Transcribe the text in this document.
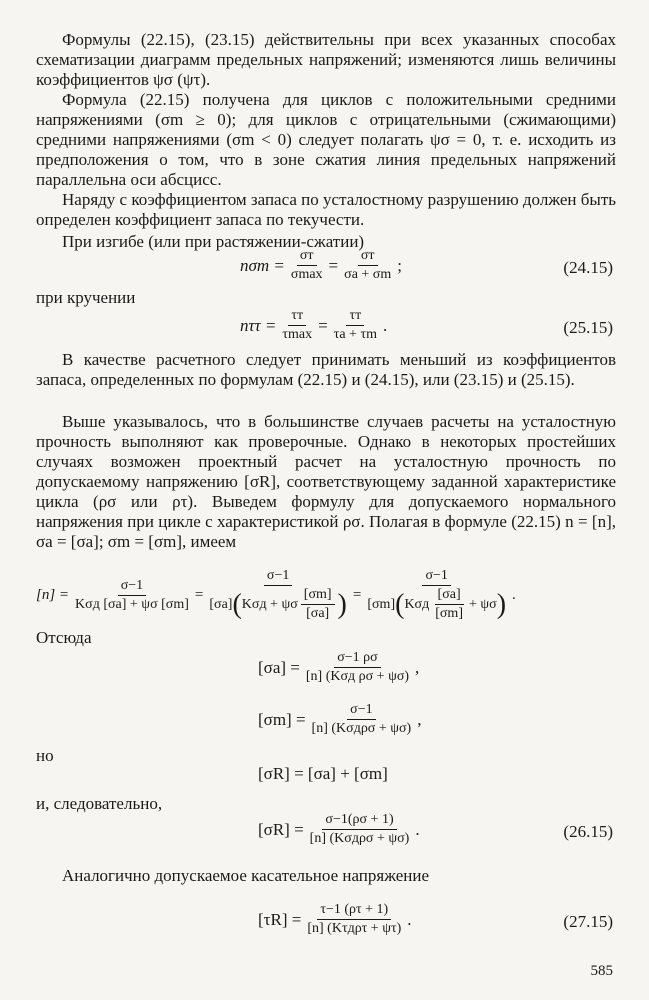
Формулы (22.15), (23.15) действительны при всех указанных способах схематизации диаграмм предельных напряжений; изменяются лишь величины коэффициентов ψσ (ψτ).
Формула (22.15) получена для циклов с положительными средними напряжениями (σm ≥ 0); для циклов с отрицательными (сжимающими) средними напряжениями (σm < 0) следует полагать ψσ = 0, т. е. исходить из предположения о том, что в зоне сжатия линия предельных напряжений параллельна оси абсцисс.
Наряду с коэффициентом запаса по усталостному разрушению должен быть определен коэффициент запаса по текучести.
При изгибе (или при растяжении-сжатии)
$n\sigma т = \frac{\sigma т}{\sigma\max} = \frac{\sigma т}{\sigma a + \sigma m}$ ;	(24.15)
при кручении
$n\tau\tau = \frac{\tau т}{\tau\max} = \frac{\tau т}{\tau a + \tau m}$ .	(25.15)
В качестве расчетного следует принимать меньший из коэффициентов запаса, определенных по формулам (22.15) и (24.15), или (23.15) и (25.15).
Выше указывалось, что в большинстве случаев расчеты на усталостную прочность выполняют как проверочные. Однако в некоторых простейших случаях возможен проектный расчет на усталостную прочность по допускаемому напряжению [σR], соответствующему заданной характеристике цикла (ρσ или ρτ). Выведем формулу для допускаемого нормального напряжения при цикле с характеристикой ρσ. Полагая в формуле (22.15) n = [n], σa = [σa]; σm = [σm], имеем
$[n] = \frac{\sigma-1}{\text{Kσд [σa] + ψσ [σm]}} = \frac{\sigma-1}{[\sigma a] ( K\sigma д + \psi\sigma \frac{[\sigma m]}{[\sigma a]} )}$ =
σ−1
[σm] ( Kσд $\frac{[\sigma a]}{[\sigma m]} + \psi\sigma$ ) .
Отсюда
$[\sigma a] = \frac{\sigma-1 \rho\sigma}{\text{[n] (Kσд ρσ + ψσ)}}$ ,
$[\sigma m] = \frac{\sigma-1}{\text{[n] (Kσдρσ + ψσ)}}$ ,
но
[σR] = [σa] + [σm]
и, следовательно,
$[\sigma R] = \frac{\sigma-1(\rho\sigma + 1)}{\text{[n] (Kσдρσ + ψσ)}}$ .	(26.15)
Аналогично допускаемое касательное напряжение
$[\tau R] = \frac{\tau-1 (\rho\tau + 1)}{\text{[n] (Kτдρτ + ψτ)}}$ .	(27.15)
585
